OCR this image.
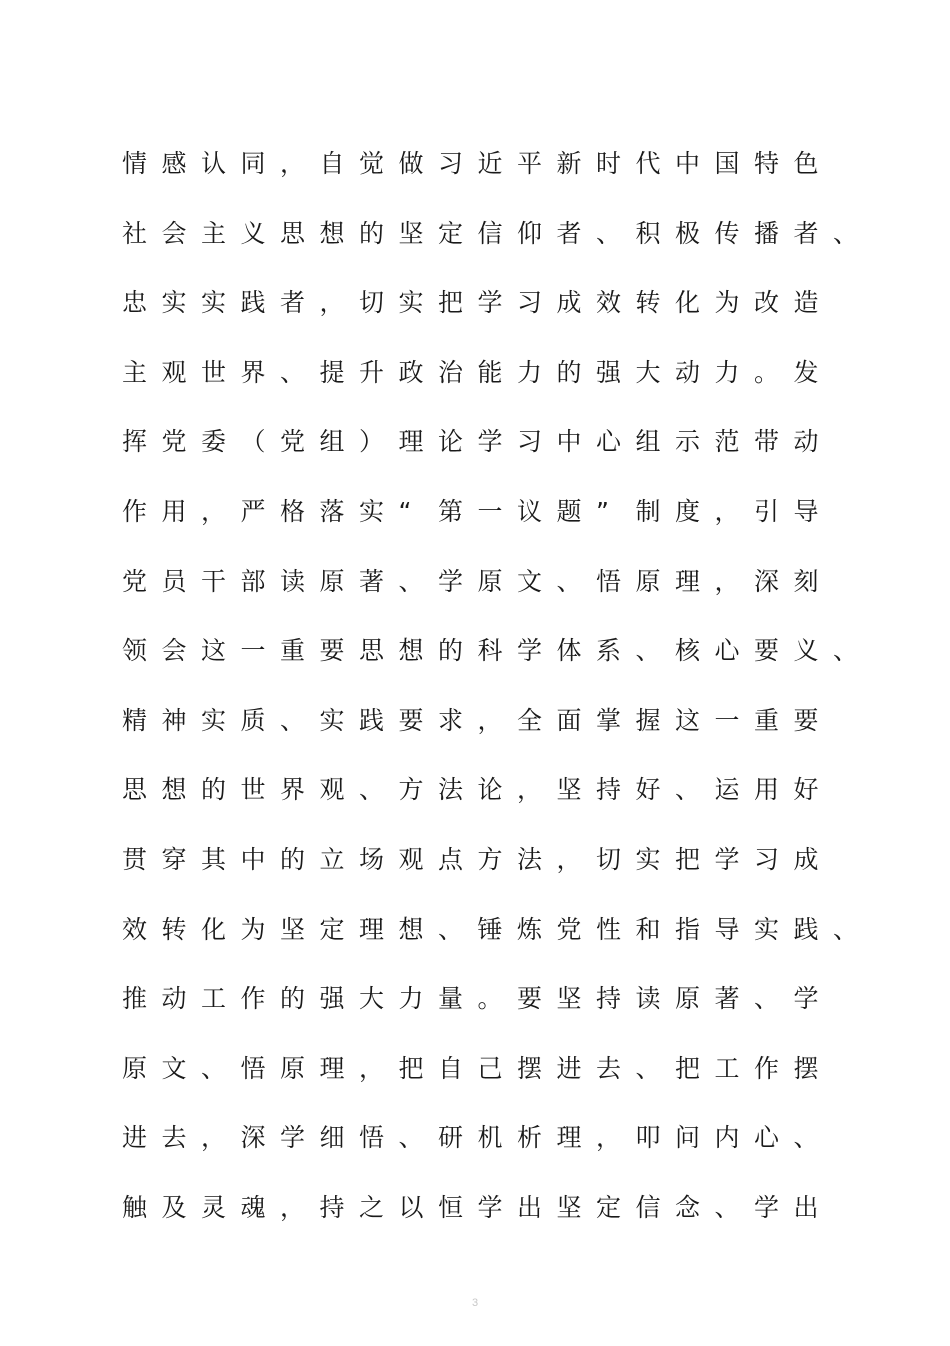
情 感 认 同 ， 自 觉 做 习 近 平 新 时 代 中 国 特 色
社 会 主 义 思 想 的 坚 定 信 仰 者 、 积 极 传 播 者 、
忠 实 实 践 者 ， 切 实 把 学 习 成 效 转 化 为 改 造
主 观 世 界 、 提 升 政 治 能 力 的 强 大 动 力 。 发
挥 党 委 （ 党 组 ） 理 论 学 习 中 心 组 示 范 带 动
作 用 ， 严 格 落 实 “	第 一 议 题 ”	制 度 ， 引 导
党 员 干 部 读 原 著 、 学 原 文 、 悟 原 理 ， 深 刻
领 会 这 一 重 要 思 想 的 科 学 体 系 、 核 心 要 义 、
精 神 实 质 、 实 践 要 求 ， 全 面 掌 握 这 一 重 要
思 想 的 世 界 观 、 方 法 论 ， 坚 持 好 、 运 用 好
贯 穿 其 中 的 立 场 观 点 方 法 ， 切 实 把 学 习 成
效 转 化 为 坚 定 理 想 、 锤 炼 党 性 和 指 导 实 践 、
推 动 工 作 的 强 大 力 量 。 要 坚 持 读 原 著 、 学
原 文 、 悟 原 理 ， 把 自 己 摆 进 去 、 把 工 作 摆
进 去 ， 深 学 细 悟 、 研 机 析 理 ， 叩 问 内 心 、
触 及 灵 魂 ， 持 之 以 恒 学 出 坚 定 信 念 、 学 出
3
